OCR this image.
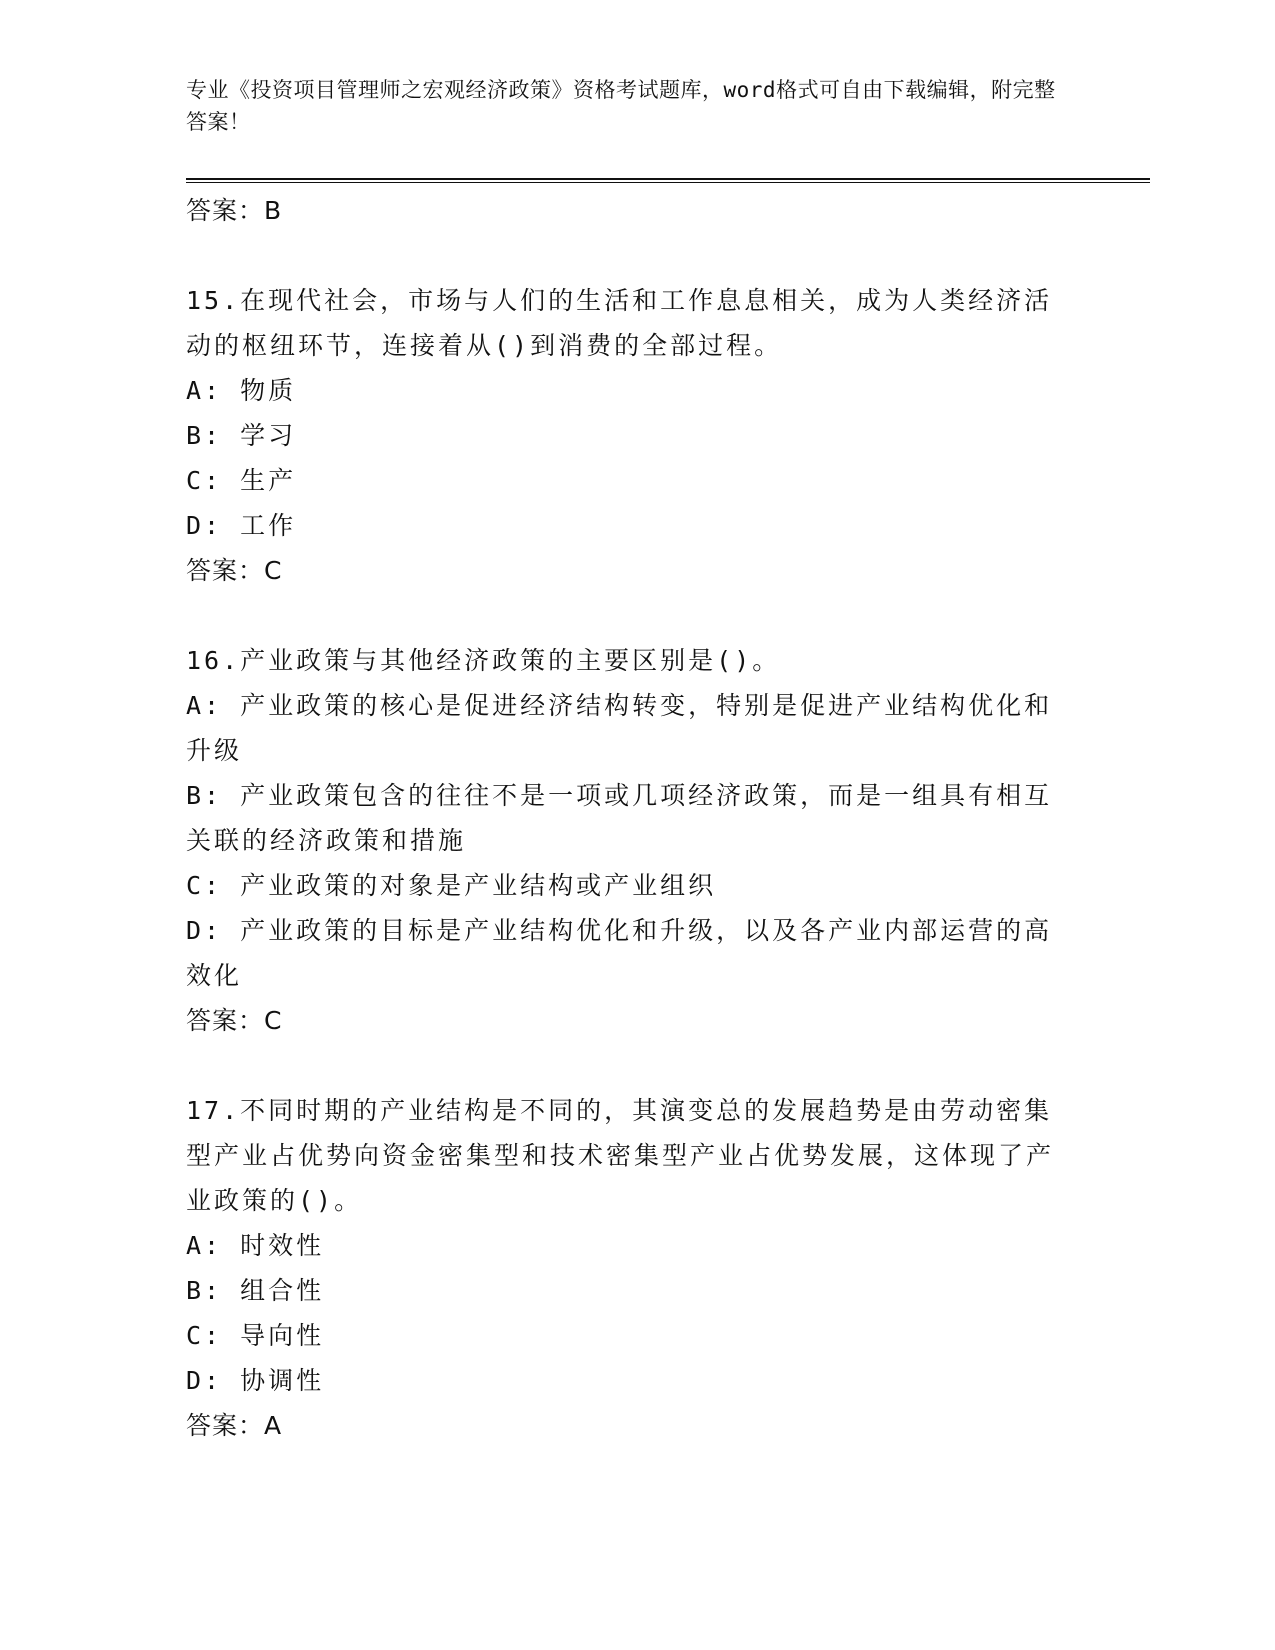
专业《投资项目管理师之宏观经济政策》资格考试题库，word格式可自由下载编辑，附完整答案！
答案：B
15.在现代社会，市场与人们的生活和工作息息相关，成为人类经济活动的枢纽环节，连接着从()到消费的全部过程。
A: 物质
B: 学习
C: 生产
D: 工作
答案：C
16.产业政策与其他经济政策的主要区别是()。
A: 产业政策的核心是促进经济结构转变，特别是促进产业结构优化和升级
B: 产业政策包含的往往不是一项或几项经济政策，而是一组具有相互关联的经济政策和措施
C: 产业政策的对象是产业结构或产业组织
D: 产业政策的目标是产业结构优化和升级，以及各产业内部运营的高效化
答案：C
17.不同时期的产业结构是不同的，其演变总的发展趋势是由劳动密集型产业占优势向资金密集型和技术密集型产业占优势发展，这体现了产业政策的()。
A: 时效性
B: 组合性
C: 导向性
D: 协调性
答案：A
